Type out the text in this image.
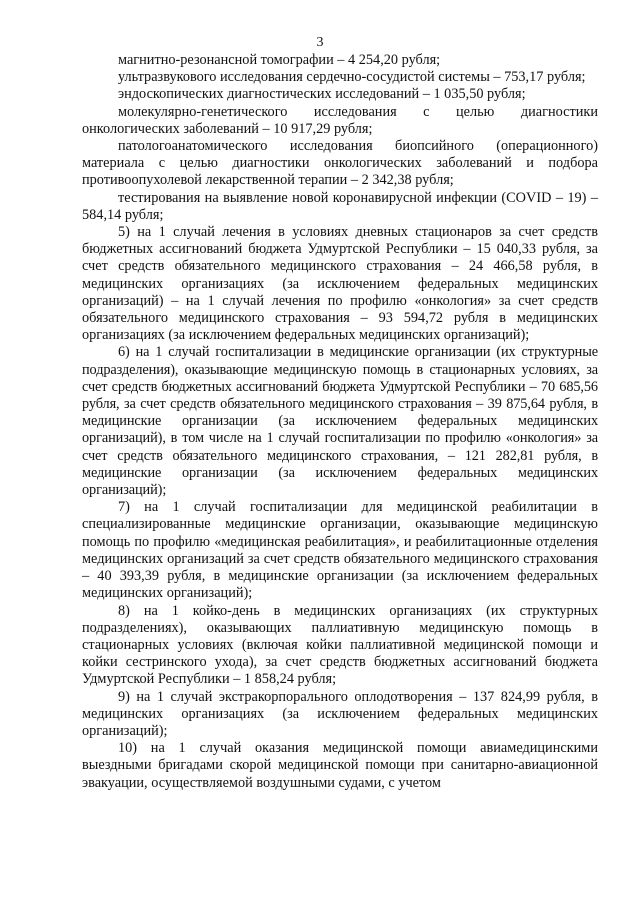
3

магнитно-резонансной томографии – 4 254,20 рубля;

ультразвукового исследования сердечно-сосудистой системы – 753,17 рубля;

эндоскопических диагностических исследований – 1 035,50 рубля;

молекулярно-генетического исследования с целью диагностики онкологических заболеваний – 10 917,29 рубля;

патологоанатомического исследования биопсийного (операционного) материала с целью диагностики онкологических заболеваний и подбора противоопухолевой лекарственной терапии – 2 342,38 рубля;

тестирования на выявление новой коронавирусной инфекции (COVID – 19) – 584,14 рубля;

5) на 1 случай лечения в условиях дневных стационаров за счет средств бюджетных ассигнований бюджета Удмуртской Республики – 15 040,33 рубля, за счет средств обязательного медицинского страхования – 24 466,58 рубля, в медицинских организациях (за исключением федеральных медицинских организаций) – на 1 случай лечения по профилю «онкология» за счет средств обязательного медицинского страхования – 93 594,72 рубля в медицинских организациях (за исключением федеральных медицинских организаций);

6) на 1 случай госпитализации в медицинские организации (их структурные подразделения), оказывающие медицинскую помощь в стационарных условиях, за счет средств бюджетных ассигнований бюджета Удмуртской Республики – 70 685,56 рубля, за счет средств обязательного медицинского страхования – 39 875,64 рубля, в медицинские организации (за исключением федеральных медицинских организаций), в том числе на 1 случай госпитализации по профилю «онкология» за счет средств обязательного медицинского страхования, – 121 282,81 рубля, в медицинские организации (за исключением федеральных медицинских организаций);

7) на 1 случай госпитализации для медицинской реабилитации в специализированные медицинские организации, оказывающие медицинскую помощь по профилю «медицинская реабилитация», и реабилитационные отделения медицинских организаций за счет средств обязательного медицинского страхования – 40 393,39 рубля, в медицинские организации (за исключением федеральных медицинских организаций);

8) на 1 койко-день в медицинских организациях (их структурных подразделениях), оказывающих паллиативную медицинскую помощь в стационарных условиях (включая койки паллиативной медицинской помощи и койки сестринского ухода), за счет средств бюджетных ассигнований бюджета Удмуртской Республики – 1 858,24 рубля;

9) на 1 случай экстракорпорального оплодотворения – 137 824,99 рубля, в медицинских организациях (за исключением федеральных медицинских организаций);

10) на 1 случай оказания медицинской помощи авиамедицинскими выездными бригадами скорой медицинской помощи при санитарно-авиационной эвакуации, осуществляемой воздушными судами, с учетом
